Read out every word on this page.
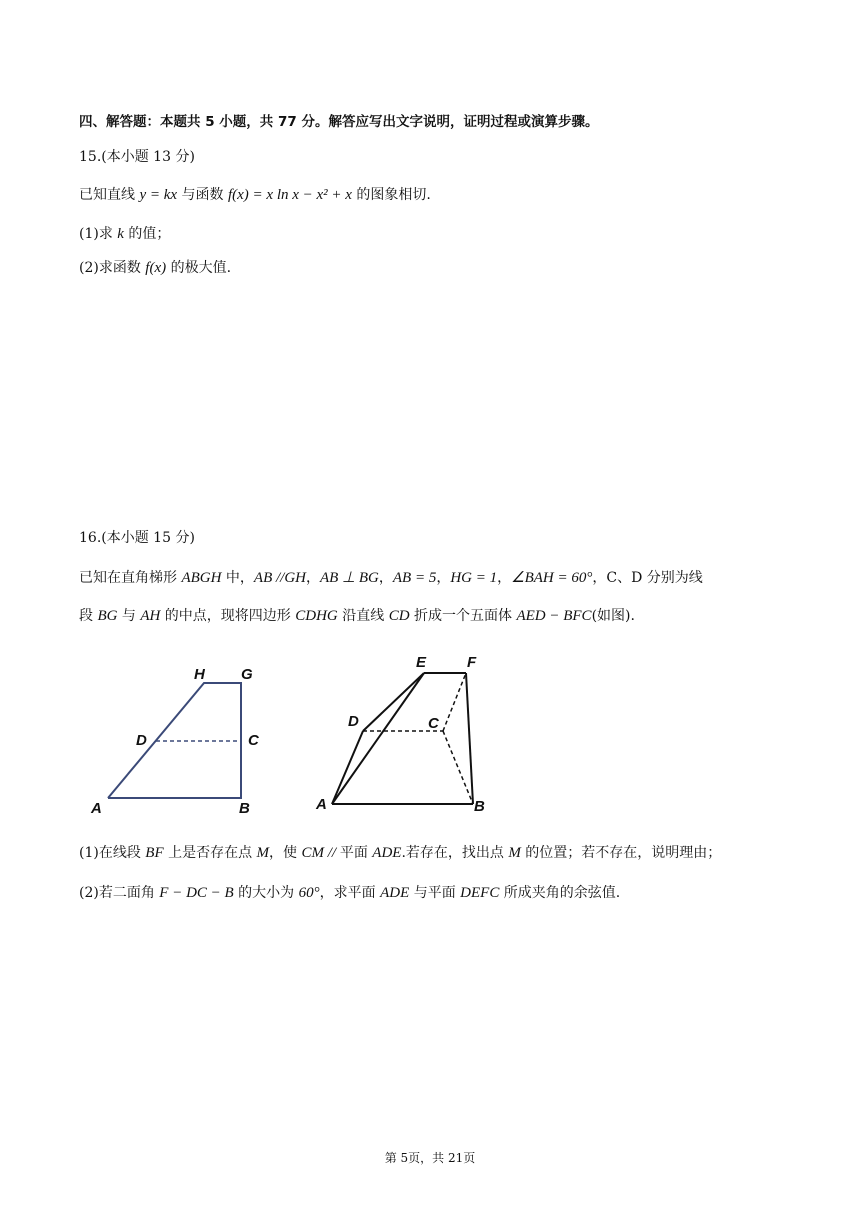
四、解答题：本题共 5 小题，共 77 分。解答应写出文字说明，证明过程或演算步骤。
15.(本小题 13 分)
已知直线 y = kx 与函数 f(x) = x ln x − x² + x 的图象相切.
(1)求 k 的值；
(2)求函数 f(x) 的极大值.
16.(本小题 15 分)
已知在直角梯形 ABGH 中，AB //GH，AB ⊥ BG，AB = 5，HG = 1，∠BAH = 60°，C、D 分别为线
段 BG 与 AH 的中点，现将四边形 CDHG 沿直线 CD 折成一个五面体 AED − BFC(如图).
H G
D	C
A	B
E	F
D	C
A	B
(1)在线段 BF 上是否存在点 M，使 CM // 平面 ADE.若存在，找出点 M 的位置；若不存在，说明理由；
(2)若二面角 F − DC − B 的大小为 60°，求平面 ADE 与平面 DEFC 所成夹角的余弦值.
第 5页，共 21页
